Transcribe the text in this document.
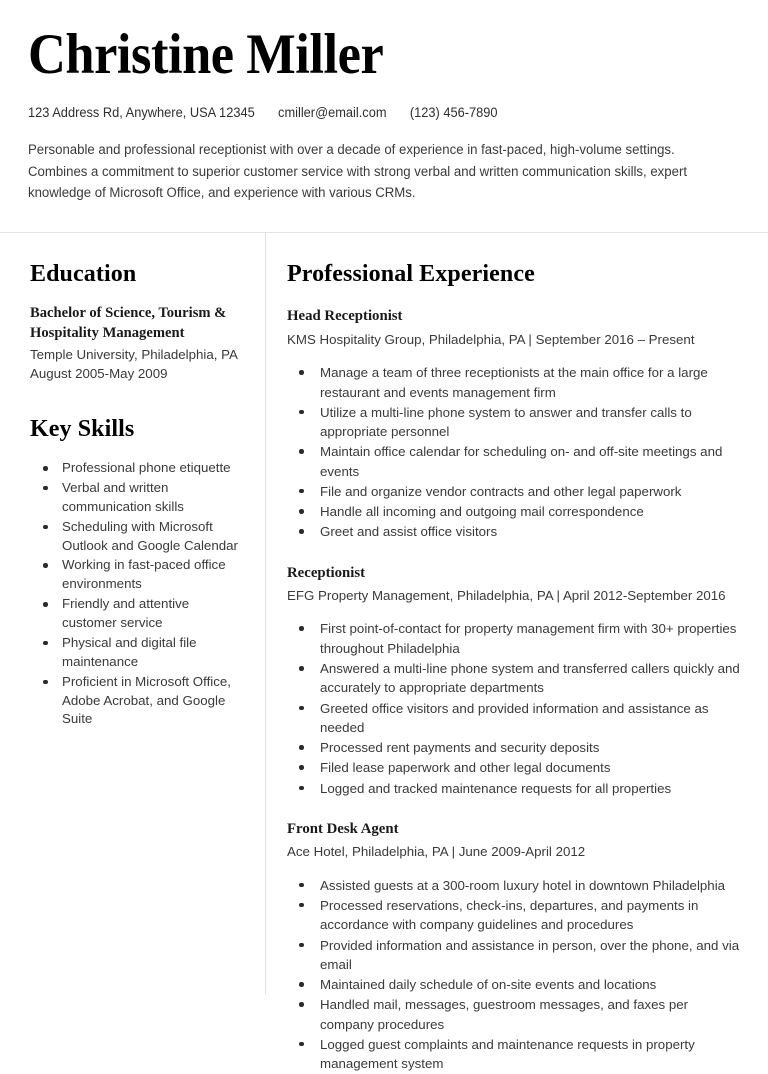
Christine Miller
123 Address Rd, Anywhere, USA 12345 cmiller@email.com (123) 456-7890

Personable and professional receptionist with over a decade of experience in fast-paced, high-volume settings. Combines a commitment to superior customer service with strong verbal and written communication skills, expert knowledge of Microsoft Office, and experience with various CRMs.

Education
Bachelor of Science, Tourism & Hospitality Management
Temple University, Philadelphia, PA
August 2005-May 2009
Key Skills
Professional phone etiquette
Verbal and written communication skills
Scheduling with Microsoft Outlook and Google Calendar
Working in fast-paced office environments
Friendly and attentive customer service
Physical and digital file maintenance
Proficient in Microsoft Office, Adobe Acrobat, and Google Suite
Professional Experience
Head Receptionist
KMS Hospitality Group, Philadelphia, PA | September 2016 – Present
Manage a team of three receptionists at the main office for a large restaurant and events management firm
Utilize a multi-line phone system to answer and transfer calls to appropriate personnel
Maintain office calendar for scheduling on- and off-site meetings and events
File and organize vendor contracts and other legal paperwork
Handle all incoming and outgoing mail correspondence
Greet and assist office visitors
Receptionist
EFG Property Management, Philadelphia, PA | April 2012-September 2016
First point-of-contact for property management firm with 30+ properties throughout Philadelphia
Answered a multi-line phone system and transferred callers quickly and accurately to appropriate departments
Greeted office visitors and provided information and assistance as needed
Processed rent payments and security deposits
Filed lease paperwork and other legal documents
Logged and tracked maintenance requests for all properties
Front Desk Agent
Ace Hotel, Philadelphia, PA | June 2009-April 2012
Assisted guests at a 300-room luxury hotel in downtown Philadelphia
Processed reservations, check-ins, departures, and payments in accordance with company guidelines and procedures
Provided information and assistance in person, over the phone, and via email
Maintained daily schedule of on-site events and locations
Handled mail, messages, guestroom messages, and faxes per company procedures
Logged guest complaints and maintenance requests in property management system
